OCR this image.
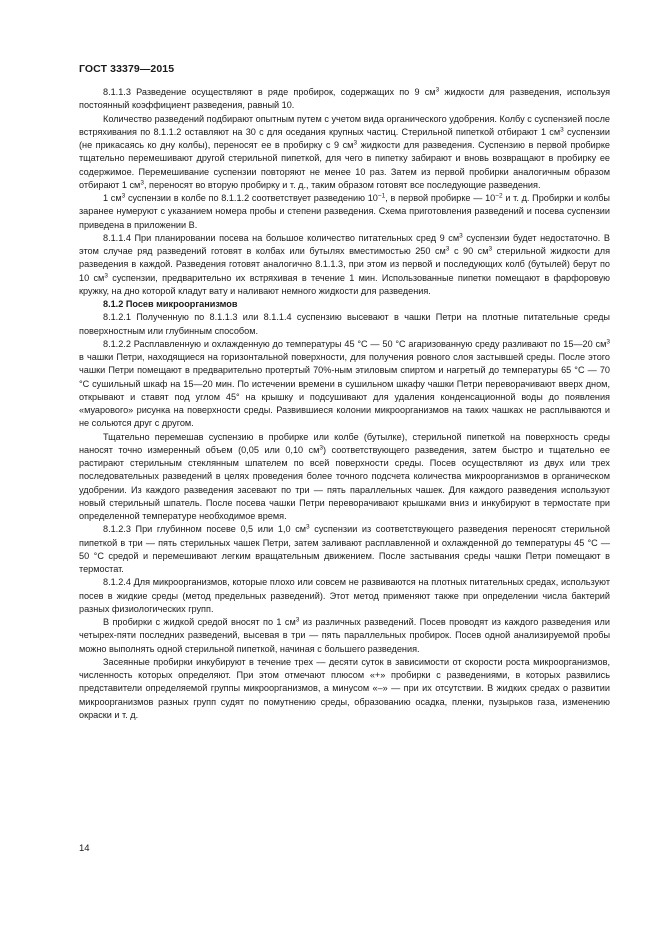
ГОСТ 33379—2015

8.1.1.3 Разведение осуществляют в ряде пробирок, содержащих по 9 $см^3$ жидкости для разведения, используя постоянный коэффициент разведения, равный 10.

Количество разведений подбирают опытным путем с учетом вида органического удобрения. Колбу с суспензией после встряхивания по 8.1.1.2 оставляют на 30 с для оседания крупных частиц. Стерильной пипеткой отбирают 1 $см^3$ суспензии (не прикасаясь ко дну колбы), переносят ее в пробирку с 9 $см^3$ жидкости для разведения. Суспензию в первой пробирке тщательно перемешивают другой стерильной пипеткой, для чего в пипетку забирают и вновь возвращают в пробирку ее содержимое. Перемешивание суспензии повторяют не менее 10 раз. Затем из первой пробирки аналогичным образом отбирают 1 $см^3$, переносят во вторую пробирку и т. д., таким образом готовят все последующие разведения.

1 $см^3$ суспензии в колбе по 8.1.1.2 соответствует разведению $10^{-1}$, в первой пробирке — $10^{-2}$ и т. д. Пробирки и колбы заранее нумеруют с указанием номера пробы и степени разведения. Схема приготовления разведений и посева суспензии приведена в приложении В.

8.1.1.4 При планировании посева на большое количество питательных сред 9 $см^3$ суспензии будет недостаточно. В этом случае ряд разведений готовят в колбах или бутылях вместимостью 250 $см^3$ с 90 $см^3$ стерильной жидкости для разведения в каждой. Разведения готовят аналогично 8.1.1.3, при этом из первой и последующих колб (бутылей) берут по 10 $см^3$ суспензии, предварительно их встряхивая в течение 1 мин. Использованные пипетки помещают в фарфоровую кружку, на дно которой кладут вату и наливают немного жидкости для разведения.

8.1.2 Посев микроорганизмов

8.1.2.1 Полученную по 8.1.1.3 или 8.1.1.4 суспензию высевают в чашки Петри на плотные питательные среды поверхностным или глубинным способом.

8.1.2.2 Расплавленную и охлажденную до температуры 45 °С — 50 °С агаризованную среду разливают по 15—20 $см^3$ в чашки Петри, находящиеся на горизонтальной поверхности, для получения ровного слоя застывшей среды. После этого чашки Петри помещают в предварительно протертый 70%-ным этиловым спиртом и нагретый до температуры 65 °С — 70 °С сушильный шкаф на 15—20 мин. По истечении времени в сушильном шкафу чашки Петри переворачивают вверх дном, открывают и ставят под углом 45° на крышку и подсушивают для удаления конденсационной воды до появления «муарового» рисунка на поверхности среды. Развившиеся колонии микроорганизмов на таких чашках не расплываются и не сольются друг с другом.

Тщательно перемешав суспензию в пробирке или колбе (бутылке), стерильной пипеткой на поверхность среды наносят точно измеренный объем (0,05 или 0,10 $см^3$) соответствующего разведения, затем быстро и тщательно ее растирают стерильным стеклянным шпателем по всей поверхности среды. Посев осуществляют из двух или трех последовательных разведений в целях проведения более точного подсчета количества микроорганизмов в органическом удобрении. Из каждого разведения засевают по три — пять параллельных чашек. Для каждого разведения используют новый стерильный шпатель. После посева чашки Петри переворачивают крышками вниз и инкубируют в термостате при определенной температуре необходимое время.

8.1.2.3 При глубинном посеве 0,5 или 1,0 $см^3$ суспензии из соответствующего разведения переносят стерильной пипеткой в три — пять стерильных чашек Петри, затем заливают расплавленной и охлажденной до температуры 45 °С — 50 °С средой и перемешивают легким вращательным движением. После застывания среды чашки Петри помещают в термостат.

8.1.2.4 Для микроорганизмов, которые плохо или совсем не развиваются на плотных питательных средах, используют посев в жидкие среды (метод предельных разведений). Этот метод применяют также при определении числа бактерий разных физиологических групп.

В пробирки с жидкой средой вносят по 1 $см^3$ из различных разведений. Посев проводят из каждого разведения или четырех-пяти последних разведений, высевая в три — пять параллельных пробирок. Посев одной анализируемой пробы можно выполнять одной стерильной пипеткой, начиная с большего разведения.

Засеянные пробирки инкубируют в течение трех — десяти суток в зависимости от скорости роста микроорганизмов, численность которых определяют. При этом отмечают плюсом «+» пробирки с разведениями, в которых развились представители определяемой группы микроорганизмов, а минусом «–» — при их отсутствии. В жидких средах о развитии микроорганизмов разных групп судят по помутнению среды, образованию осадка, пленки, пузырьков газа, изменению окраски и т. д.

14
